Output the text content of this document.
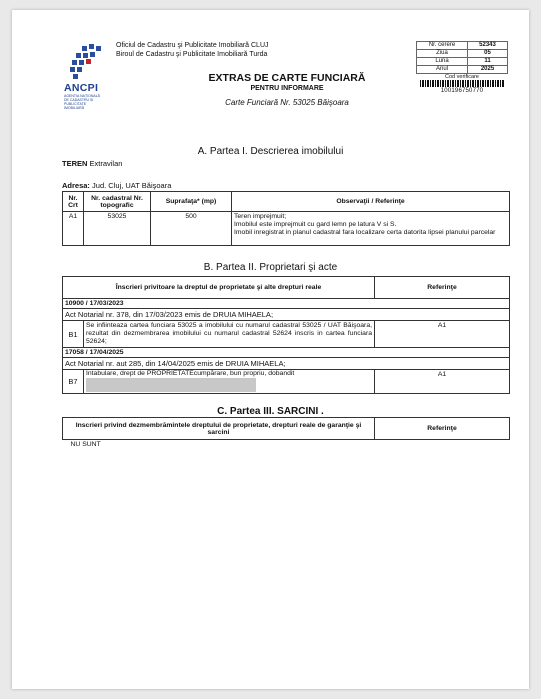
ANCPI
AGENȚIA NAȚIONALĂ DE CADASTRU ȘI PUBLICITATE IMOBILIARĂ
Oficiul de Cadastru şi Publicitate Imobiliară CLUJ
Biroul de Cadastru şi Publicitate Imobiliară Turda
EXTRAS DE CARTE FUNCIARĂ
PENTRU INFORMARE
Carte Funciară Nr. 53025 Băişoara
Nr. cerere	52343
Ziua	05
Luna	11
Anul	2025
Cod verificare
100196750770
A. Partea I. Descrierea imobilului
TEREN Extravilan
Adresa: Jud. Cluj, UAT Băişoara
Nr. Crt	Nr. cadastral Nr. topografic	Suprafaţa* (mp)	Observaţii / Referinţe
A1	53025	500	Teren imprejmuit;
Imobilul este imprejmuit cu gard lemn pe latura V si S.
Imobil inregistrat in planul cadastral fara localizare certa datorita lipsei planului parcelar
B. Partea II. Proprietari şi acte
Înscrieri privitoare la dreptul de proprietate şi alte drepturi reale		Referinţe
10900 / 17/03/2023		
Act Notarial nr. 378, din 17/03/2023 emis de DRUIA MIHAELA;		
B1	Se infiinteaza cartea funciara 53025 a imobilului cu numarul cadastral 53025 / UAT Băişoara, rezultat din dezmembrarea imobilului cu numarul cadastral 52624 inscris in cartea funciara 52624;	A1
17058 / 17/04/2025		
Act Notarial nr. aut 285, din 14/04/2025 emis de DRUIA MIHAELA;		
B7	Intabulare, drept de PROPRIETATEcumpărare, bun propriu, dobandit	A1
C. Partea III. SARCINI .
Inscrieri privind dezmembrămintele dreptului de proprietate, drepturi reale de garanţie şi sarcini	Referinţe
NU SUNT
